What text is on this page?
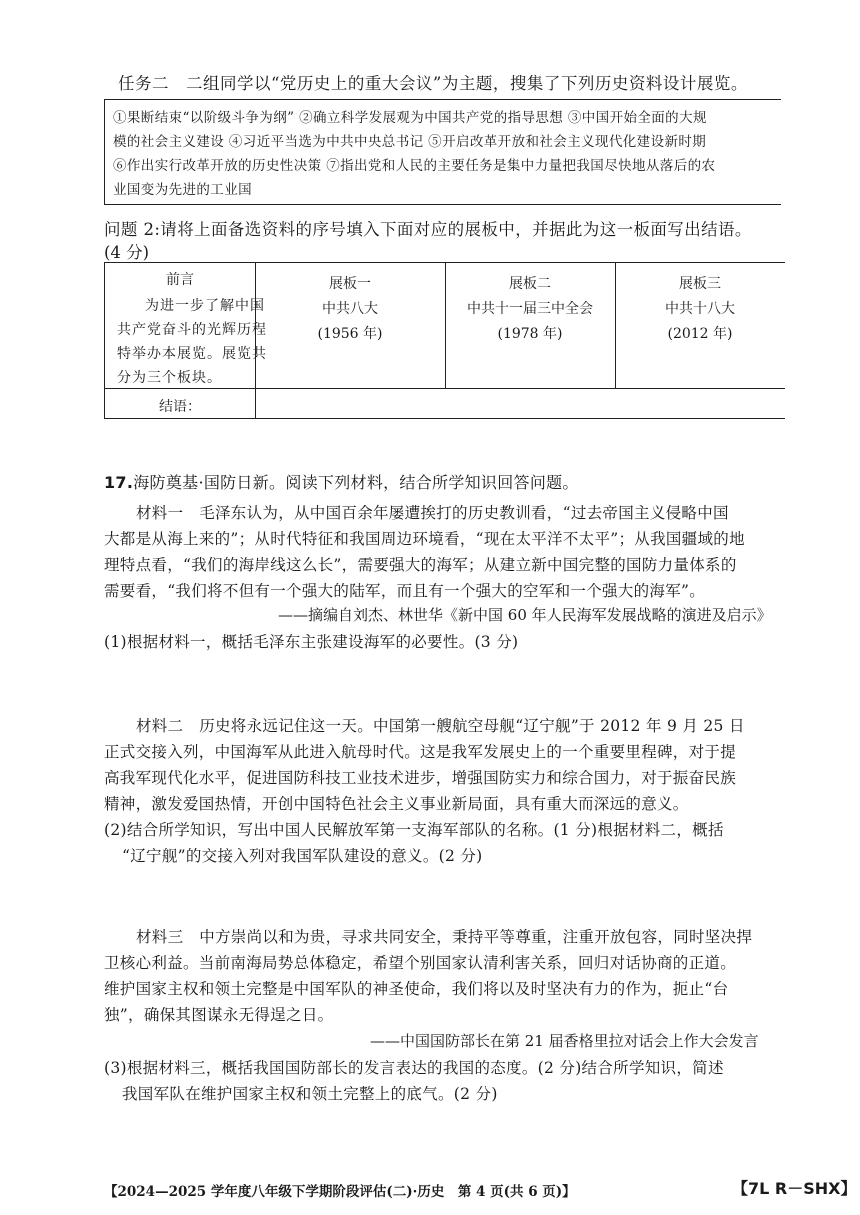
任务二　二组同学以“党历史上的重大会议”为主题，搜集了下列历史资料设计展览。
①果断结束“以阶级斗争为纲” ②确立科学发展观为中国共产党的指导思想 ③中国开始全面的大规
模的社会主义建设 ④习近平当选为中共中央总书记 ⑤开启改革开放和社会主义现代化建设新时期
⑥作出实行改革开放的历史性决策 ⑦指出党和人民的主要任务是集中力量把我国尽快地从落后的农
业国变为先进的工业国
问题 2:请将上面备选资料的序号填入下面对应的展板中，并据此为这一板面写出结语。
(4 分)
前言
为进一步了解中国
共产党奋斗的光辉历程
特举办本展览。展览共
分为三个板块。
展板一
中共八大
(1956 年)
展板二
中共十一届三中全会
(1978 年)
展板三
中共十八大
(2012 年)
结语：
17.海防奠基·国防日新。阅读下列材料，结合所学知识回答问题。
材料一　毛泽东认为，从中国百余年屡遭挨打的历史教训看，“过去帝国主义侵略中国
大都是从海上来的”；从时代特征和我国周边环境看，“现在太平洋不太平”；从我国疆域的地
理特点看，“我们的海岸线这么长”，需要强大的海军；从建立新中国完整的国防力量体系的
需要看，“我们将不但有一个强大的陆军，而且有一个强大的空军和一个强大的海军”。
——摘编自刘杰、林世华《新中国 60 年人民海军发展战略的演进及启示》
(1)根据材料一，概括毛泽东主张建设海军的必要性。(3 分)
材料二　历史将永远记住这一天。中国第一艘航空母舰“辽宁舰”于 2012 年 9 月 25 日
正式交接入列，中国海军从此进入航母时代。这是我军发展史上的一个重要里程碑，对于提
高我军现代化水平，促进国防科技工业技术进步，增强国防实力和综合国力，对于振奋民族
精神，激发爱国热情，开创中国特色社会主义事业新局面，具有重大而深远的意义。
(2)结合所学知识，写出中国人民解放军第一支海军部队的名称。(1 分)根据材料二，概括
“辽宁舰”的交接入列对我国军队建设的意义。(2 分)
材料三　中方崇尚以和为贵，寻求共同安全，秉持平等尊重，注重开放包容，同时坚决捍
卫核心利益。当前南海局势总体稳定，希望个别国家认清利害关系，回归对话协商的正道。
维护国家主权和领土完整是中国军队的神圣使命，我们将以及时坚决有力的作为，扼止“台
独”，确保其图谋永无得逞之日。
——中国国防部长在第 21 届香格里拉对话会上作大会发言
(3)根据材料三，概括我国国防部长的发言表达的我国的态度。(2 分)结合所学知识，简述
我国军队在维护国家主权和领土完整上的底气。(2 分)
【2024—2025 学年度八年级下学期阶段评估(二)·历史　第 4 页(共 6 页)】	【7L R－SHX】
